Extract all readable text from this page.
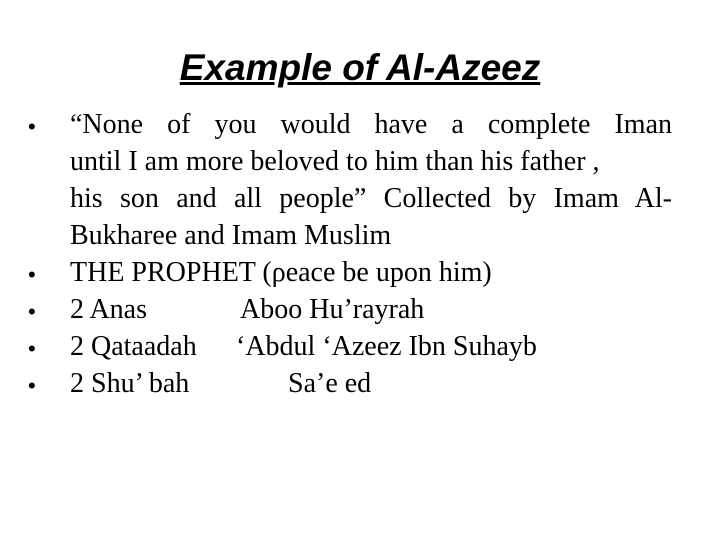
Example of Al-Azeez
• “None of you would have a complete Iman
until I am more beloved to him than his father ,
his son and all people” Collected by Imam Al-
Bukharee and Imam Muslim
• THE PROPHET (ρeace be upon him)
• 2 Anas	Aboo Hu’rayrah
• 2 Qataadah	‘Abdul ‘Azeez Ibn Suhayb
• 2 Shu’ bah	Sa’e ed
